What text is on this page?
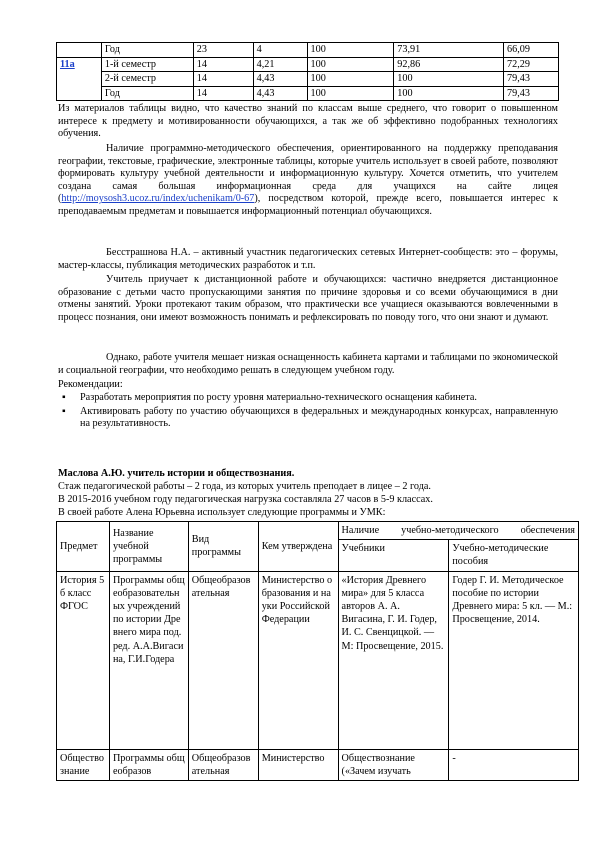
	Год	23	4	100	73,91	66,09
11а	1-й семестр	14	4,21	100	92,86	72,29
	2-й семестр	14	4,43	100	100	79,43
	Год	14	4,43	100	100	79,43

Из материалов таблицы видно, что качество знаний по классам выше среднего, что говорит о повышенном интересе к предмету и мотивированности обучающихся, а так же об эффективно подобранных технологиях обучения.

Наличие программно-методического обеспечения, ориентированного на поддержку преподавания географии, текстовые, графические, электронные таблицы, которые учитель использует в своей работе, позволяют формировать культуру учебной деятельности и информационную культуру. Хочется отметить, что учителем создана самая большая информационная среда для учащихся на сайте лицея (http://moysosh3.ucoz.ru/index/uchenikam/0-67), посредством которой, прежде всего, повышается интерес к преподаваемым предметам и повышается информационный потенциал обучающихся.

Бесстрашнова Н.А. – активный участник педагогических сетевых Интернет-сообществ: это – форумы, мастер-классы, публикация методических разработок и т.п.

Учитель приучает к дистанционной работе и обучающихся: частично внедряется дистанционное образование с детьми часто пропускающими занятия по причине здоровья и со всеми обучающимися в дни отмены занятий. Уроки протекают таким образом, что практически все учащиеся оказываются вовлеченными в процесс познания, они имеют возможность понимать и рефлексировать по поводу того, что они знают и думают.

Однако, работе учителя мешает низкая оснащенность кабинета картами и таблицами по экономической и социальной географии, что необходимо решать в следующем учебном году.

Рекомендации:

▪ Разработать мероприятия по росту уровня материально-технического оснащения кабинета.
▪ Активировать работу по участию обучающихся в федеральных и международных конкурсах, направленную на результативность.

Маслова А.Ю. учитель истории и обществознания.

Стаж педагогической работы – 2 года, из которых учитель преподает в лицее – 2 года.

В 2015-2016 учебном году педагогическая нагрузка составляла 27 часов в 5-9 классах.

В своей работе Алена Юрьевна использует следующие программы и УМК:

Предмет	Название учебной программы	Вид программы	Кем утверждена	Наличие учебно-методического обеспечения	
				Учебники	Учебно-методические пособия
История 5 б класс ФГОС	Программы общеобразовательных учреждений по истории Древнего мира под. ред. А.А.Вигасина, Г.И.Годера	Общеобразовательная	Министерство образования и науки Российской Федерации	«История Древнего мира» для 5 класса авторов А. А. Вигасина, Г. И. Годер, И. С. Свенцицкой. — М: Просвещение, 2015.	Годер Г. И. Методическое пособие по истории Древнего мира: 5 кл. — М.: Просвещение, 2014.
Обществознание	Программы общеобразов	Общеобразовательная	Министерство	Обществознание («Зачем изучать	-
